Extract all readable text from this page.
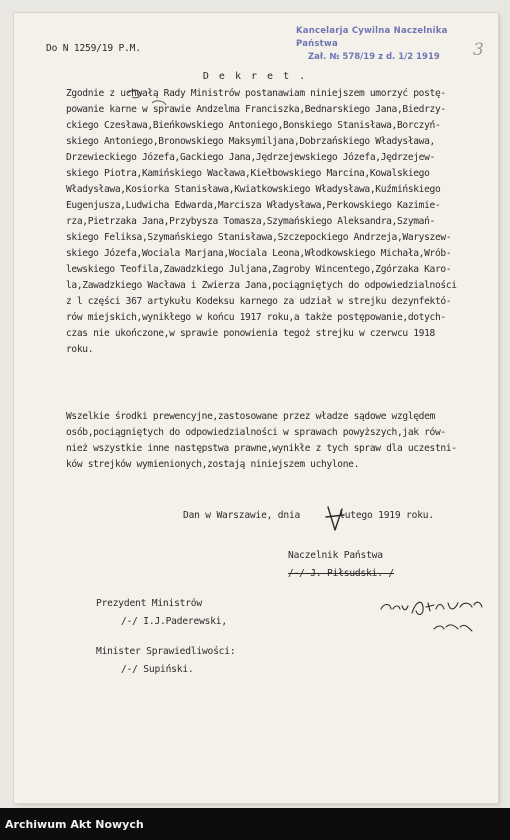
Do N 1259/19 P.M.
Kancelarja Cywilna Naczelnika Państwa
Zał. № 578/19 z d. 1/2 1919	3
D e k r e t .
Zgodnie z uchwałą Rady Ministrów postanawiam niniejszem umorzyć postę-
powanie karne w sprawie Andzelma Franciszka,Bednarskiego Jana,Biedrzy-
ckiego Czesława,Bieńkowskiego Antoniego,Bonskiego Stanisława,Borczyń-
skiego Antoniego,Bronowskiego Maksymiljana,Dobrzańskiego Władysława,
Drzewieckiego Józefa,Gackiego Jana,Jędrzejewskiego Józefa,Jędrzejew-
skiego Piotra,Kamińskiego Wacława,Kiełbowskiego Marcina,Kowalskiego
Władysława,Kosiorka Stanisława,Kwiatkowskiego Władysława,Kuźmińskiego
Eugenjusza,Ludwicha Edwarda,Marcisza Władysława,Perkowskiego Kazimie-
rza,Pietrzaka Jana,Przybysza Tomasza,Szymańskiego Aleksandra,Szymań-
skiego Feliksa,Szymańskiego Stanisława,Szczepockiego Andrzeja,Waryszew-
skiego Józefa,Wociala Marjana,Wociala Leona,Włodkowskiego Michała,Wrób-
lewskiego Teofila,Zawadzkiego Juljana,Zagroby Wincentego,Zgórzaka Karo-
la,Zawadzkiego Wacława i Zwierza Jana,pociągniętych do odpowiedzialności
z l części 367 artykułu Kodeksu karnego za udział w strejku dezynfektó-
rów miejskich,wynikłego w końcu 1917 roku,a także postępowanie,dotych-
czas nie ukończone,w sprawie ponowienia tegoż strejku w czerwcu 1918
roku.
Wszelkie środki prewencyjne,zastosowane przez władze sądowe względem
osób,pociągniętych do odpowiedzialności w sprawach powyższych,jak rów-
nież wszystkie inne następstwa prawne,wynikłe z tych spraw dla uczestni-
ków strejków wymienionych,zostają niniejszem uchylone.
Dan w Warszawie, dnia       lutego 1919 roku.
Naczelnik Państwa
/-/ J. Piłsudski. /
Prezydent Ministrów
/-/ I.J.Paderewski,
Minister Sprawiedliwości:
/-/ Supiński.
Archiwum Akt Nowych
